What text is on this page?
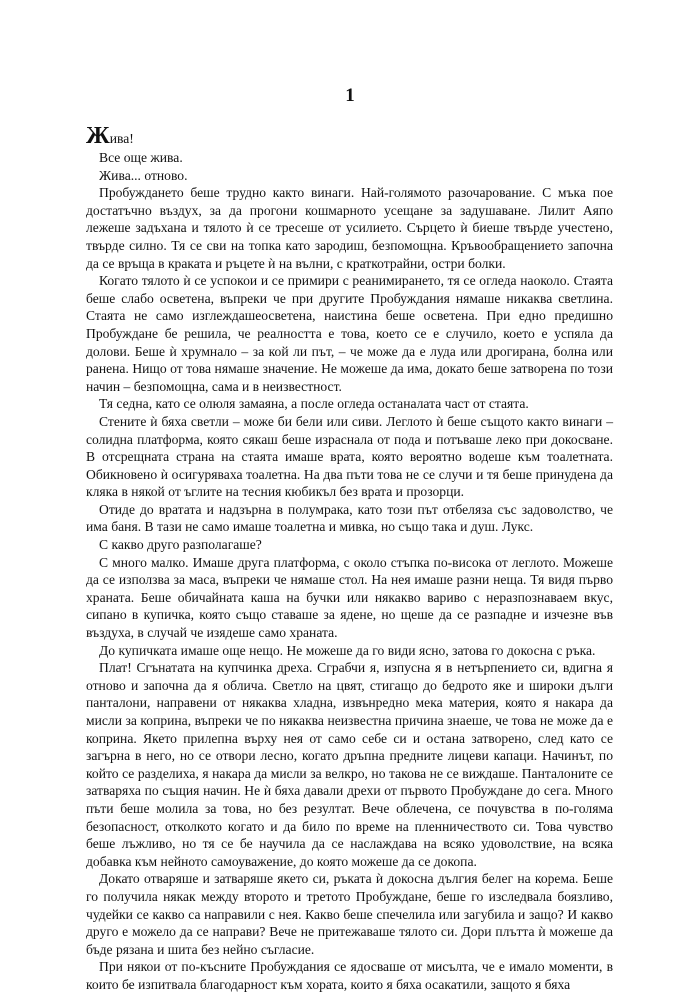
1

Жива!

Все още жива.

Жива... отново.

Пробуждането беше трудно както винаги. Най-голямото разочарование. С мъка пое достатъчно въздух, за да прогони кошмарното усещане за задушаване. Лилит Аяпо лежеше задъхана и тялото ѝ се тресеше от усилието. Сърцето ѝ биеше твърде учестено, твърде силно. Тя се сви на топка като зародиш, безпомощна. Кръвообращението започна да се връща в краката и ръцете ѝ на вълни, с краткотрайни, остри болки.

Когато тялото ѝ се успокои и се примири с реанимирането, тя се огледа наоколо. Стаята беше слабо осветена, въпреки че при другите Пробуждания нямаше никаква светлина. Стаята не само изглеждашеосветена, наистина беше осветена. При едно предишно Пробуждане бе решила, че реалността е това, което се е случило, което е успяла да долови. Беше ѝ хрумнало – за кой ли път, – че може да е луда или дрогирана, болна или ранена. Нищо от това нямаше значение. Не можеше да има, докато беше затворена по този начин – безпомощна, сама и в неизвестност.

Тя седна, като се олюля замаяна, а после огледа останалата част от стаята.

Стените ѝ бяха светли – може би бели или сиви. Леглото ѝ беше същото както винаги – солидна платформа, която сякаш беше израснала от пода и потъваше леко при докосване. В отсрещната страна на стаята имаше врата, която вероятно водеше към тоалетната. Обикновено ѝ осигуряваха тоалетна. На два пъти това не се случи и тя беше принудена да кляка в някой от ъглите на тесния кюбикъл без врата и прозорци.

Отиде до вратата и надзърна в полумрака, като този път отбеляза със задоволство, че има баня. В тази не само имаше тоалетна и мивка, но също така и душ. Лукс.

С какво друго разполагаше?

С много малко. Имаше друга платформа, с около стъпка по-висока от леглото. Можеше да се използва за маса, въпреки че нямаше стол. На нея имаше разни неща. Тя видя първо храната. Беше обичайната каша на бучки или някакво вариво с неразпознаваем вкус, сипано в купичка, която също ставаше за ядене, но щеше да се разпадне и изчезне във въздуха, в случай че изядеше само храната.

До купичката имаше още нещо. Не можеше да го види ясно, затова го докосна с ръка.

Плат! Сгънатата на купчинка дреха. Сграбчи я, изпусна я в нетърпението си, вдигна я отново и започна да я облича. Светло на цвят, стигащо до бедрото яке и широки дълги панталони, направени от някаква хладна, извънредно мека материя, която я накара да мисли за коприна, въпреки че по някаква неизвестна причина знаеше, че това не може да е коприна. Якето прилепна върху нея от само себе си и остана затворено, след като се загърна в него, но се отвори лесно, когато дръпна предните лицеви капаци. Начинът, по който се разделиха, я накара да мисли за велкро, но такова не се виждаше. Панталоните се затваряха по същия начин. Не ѝ бяха давали дрехи от първото Пробуждане до сега. Много пъти беше молила за това, но без резултат. Вече облечена, се почувства в по-голяма безопасност, отколкото когато и да било по време на пленничеството си. Това чувство беше лъжливо, но тя се бе научила да се наслаждава на всяко удоволствие, на всяка добавка към нейното самоуважение, до която можеше да се докопа.

Докато отваряше и затваряше якето си, ръката ѝ докосна дългия белег на корема. Беше го получила някак между второто и третото Пробуждане, беше го изследвала боязливо, чудейки се какво са направили с нея. Какво беше спечелила или загубила и защо? И какво друго е можело да се направи? Вече не притежаваше тялото си. Дори плътта ѝ можеше да бъде рязана и шита без нейно съгласие.

При някои от по-късните Пробуждания се ядосваше от мисълта, че е имало моменти, в които бе изпитвала благодарност към хората, които я бяха осакатили, защото я бяха
